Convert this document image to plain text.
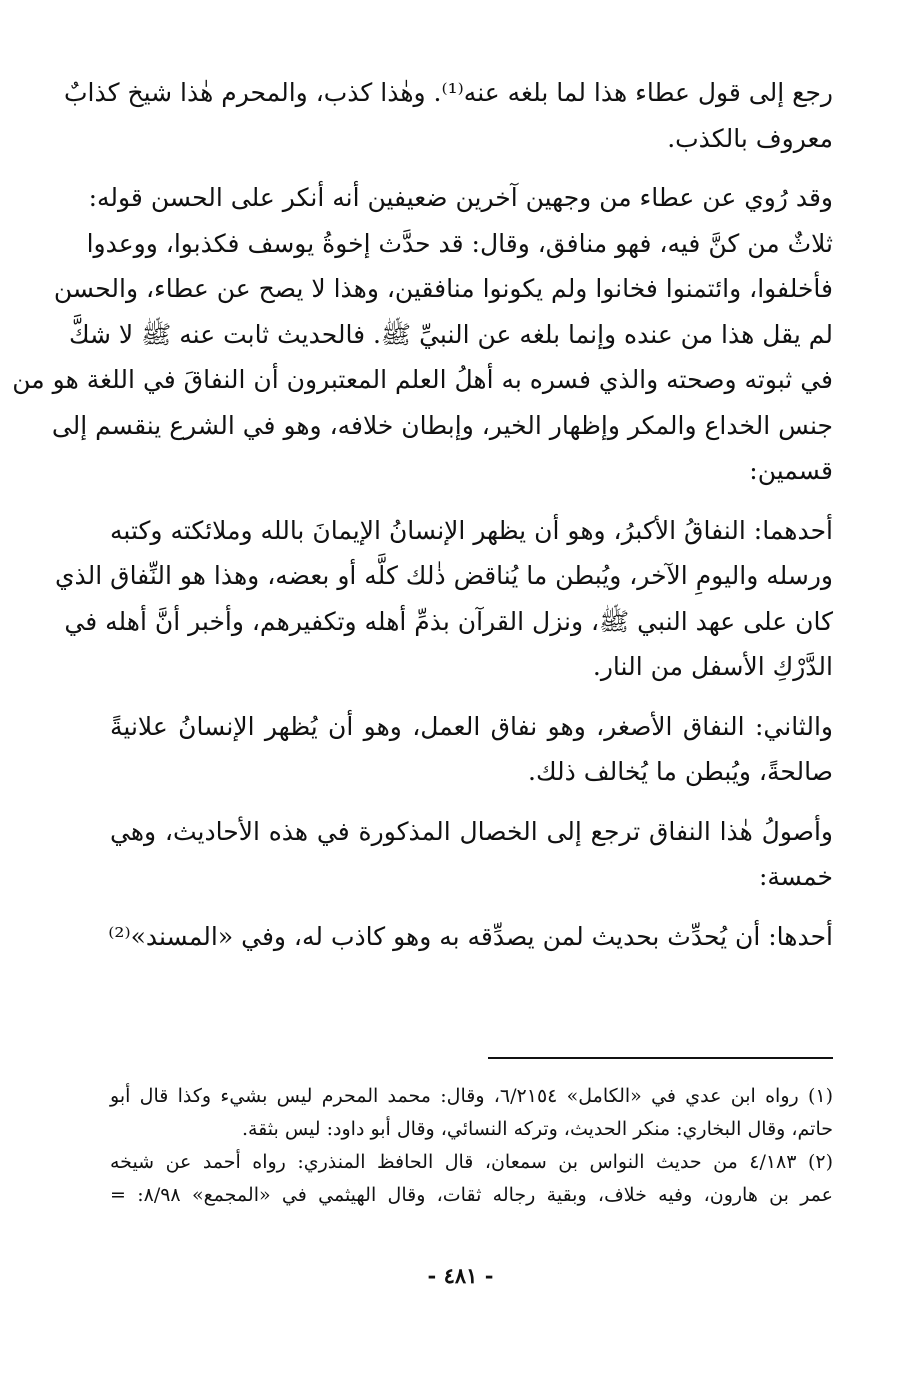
رجع إلى قول عطاء هذا لما بلغه عنه⁽¹⁾. وهٰذا كذب، والمحرم هٰذا شيخ كذابٌ
معروف بالكذب.
وقد رُوي عن عطاء من وجهين آخرين ضعيفين أنه أنكر على الحسن قوله:
ثلاثٌ من كنَّ فيه، فهو منافق، وقال: قد حدَّث إخوةُ يوسف فكذبوا، ووعدوا
فأخلفوا، وائتمنوا فخانوا ولم يكونوا منافقين، وهذا لا يصح عن عطاء، والحسن
لم يقل هذا من عنده وإنما بلغه عن النبيِّ ﷺ. فالحديث ثابت عنه ﷺ لا شكَّ
في ثبوته وصحته والذي فسره به أهلُ العلم المعتبرون أن النفاقَ في اللغة هو من
جنس الخداع والمكر وإظهار الخير، وإبطان خلافه، وهو في الشرع ينقسم إلى
قسمين:
أحدهما: النفاقُ الأكبرُ، وهو أن يظهر الإنسانُ الإيمانَ بالله وملائكته وكتبه
ورسله واليومِ الآخر، ويُبطن ما يُناقض ذٰلك كلَّه أو بعضه، وهذا هو النِّفاق الذي
كان على عهد النبي ﷺ، ونزل القرآن بذمِّ أهله وتكفيرهم، وأخبر أنَّ أهله في
الدَّرْكِ الأسفل من النار.
والثاني: النفاق الأصغر، وهو نفاق العمل، وهو أن يُظهر الإنسانُ علانيةً
صالحةً، ويُبطن ما يُخالف ذلك.
وأصولُ هٰذا النفاق ترجع إلى الخصال المذكورة في هذه الأحاديث، وهي
خمسة:
أحدها: أن يُحدِّث بحديث لمن يصدِّقه به وهو كاذب له، وفي «المسند»⁽²⁾
(١) رواه ابن عدي في «الكامل» ٦/٢١٥٤، وقال: محمد المحرم ليس بشيء وكذا قال أبو
حاتم، وقال البخاري: منكر الحديث، وتركه النسائي، وقال أبو داود: ليس بثقة.
(٢) ٤/١٨٣ من حديث النواس بن سمعان، قال الحافظ المنذري: رواه أحمد عن شيخه
عمر بن هارون، وفيه خلاف، وبقية رجاله ثقات، وقال الهيثمي في «المجمع» ٨/٩٨: =
- ٤٨١ -
